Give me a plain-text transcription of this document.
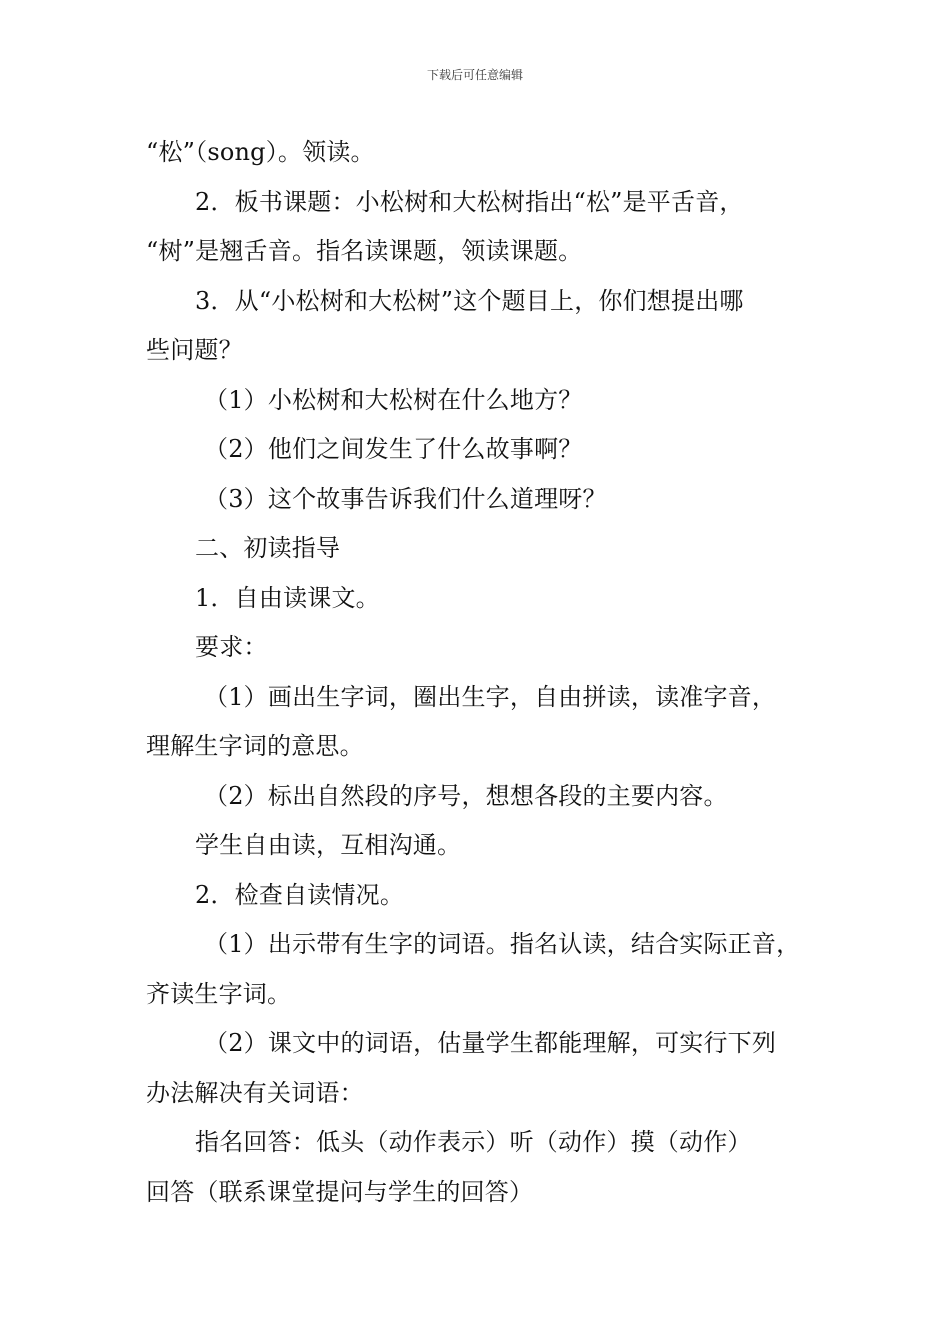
下载后可任意编辑

“松”（song）。领读。

2．板书课题：小松树和大松树指出“松”是平舌音，

“树”是翘舌音。指名读课题，领读课题。

3．从“小松树和大松树”这个题目上，你们想提出哪

些问题？

（1）小松树和大松树在什么地方？

（2）他们之间发生了什么故事啊？

（3）这个故事告诉我们什么道理呀？

二、初读指导

1．自由读课文。

要求：

（1）画出生字词，圈出生字，自由拼读，读准字音，

理解生字词的意思。

（2）标出自然段的序号，想想各段的主要内容。

学生自由读，互相沟通。

2．检查自读情况。

（1）出示带有生字的词语。指名认读，结合实际正音，

齐读生字词。

（2）课文中的词语，估量学生都能理解，可实行下列

办法解决有关词语：

指名回答：低头（动作表示）听（动作）摸（动作）

回答（联系课堂提问与学生的回答）
